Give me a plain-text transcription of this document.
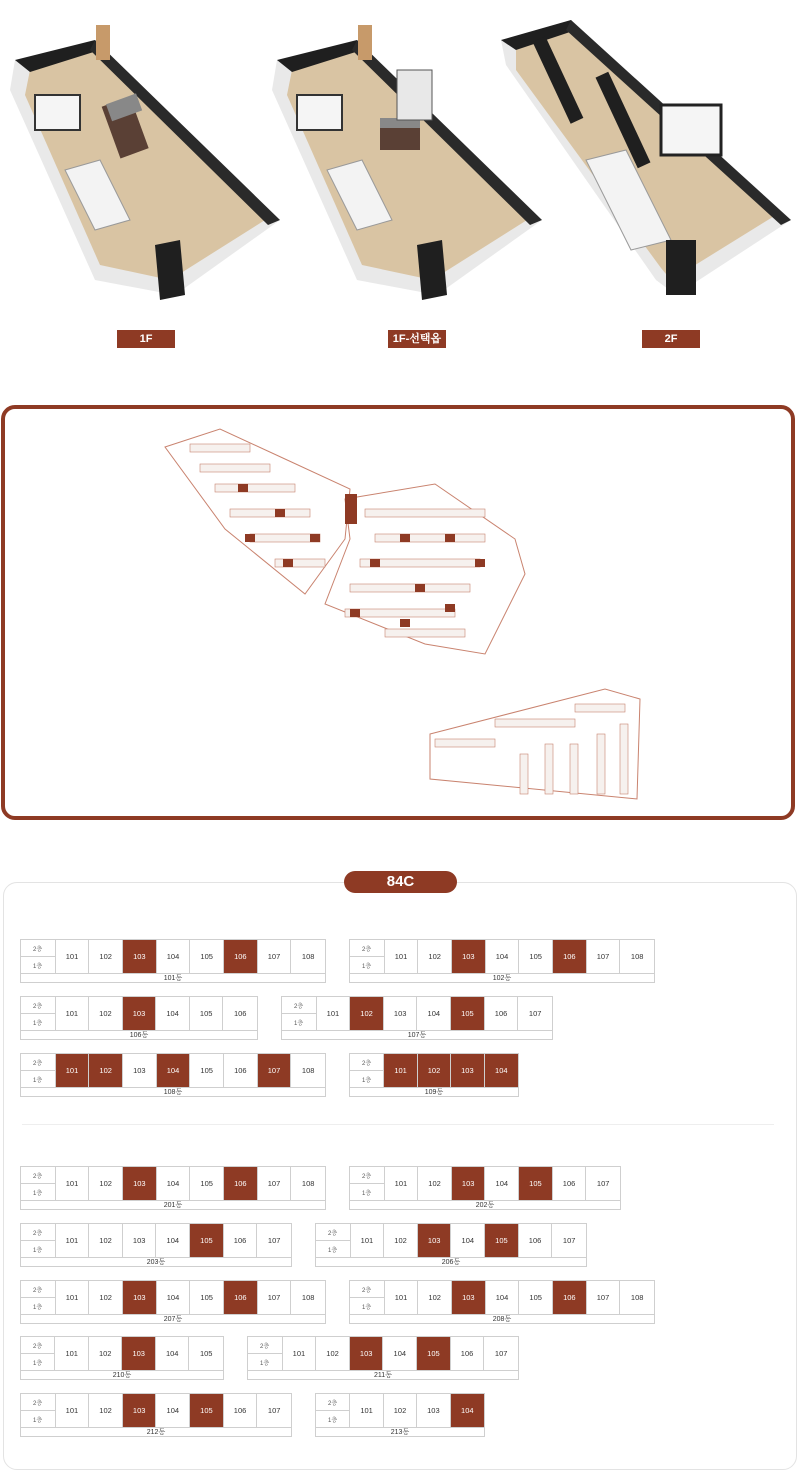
1F	1F-선택옵션
2F
84C
2층
1층
101	102	103	104	105	106	107	108
101동
2층
1층
101	102	103	104	105	106	107	108
102동
2층
1층
101	102	103	104	105	106
106동
2층
1층
101	102	103	104	105	106	107
107동
2층
1층
101	102	103	104	105	106	107	108
108동
2층
1층
101	102	103	104
109동
2층
1층
101	102	103	104	105	106	107	108
201동
2층
1층
101	102	103	104	105	106	107
202동
2층
1층
101	102	103	104	105	106	107
203동
2층
1층
101	102	103	104	105	106	107
206동
2층
1층
101	102	103	104	105	106	107	108
207동
2층
1층
101	102	103	104	105	106	107	108
208동
2층
1층
101	102	103	104	105
210동
2층
1층
101	102	103	104	105	106	107
211동
2층
1층
101	102	103	104	105	106	107
212동
2층
1층
101	102	103	104
213동
